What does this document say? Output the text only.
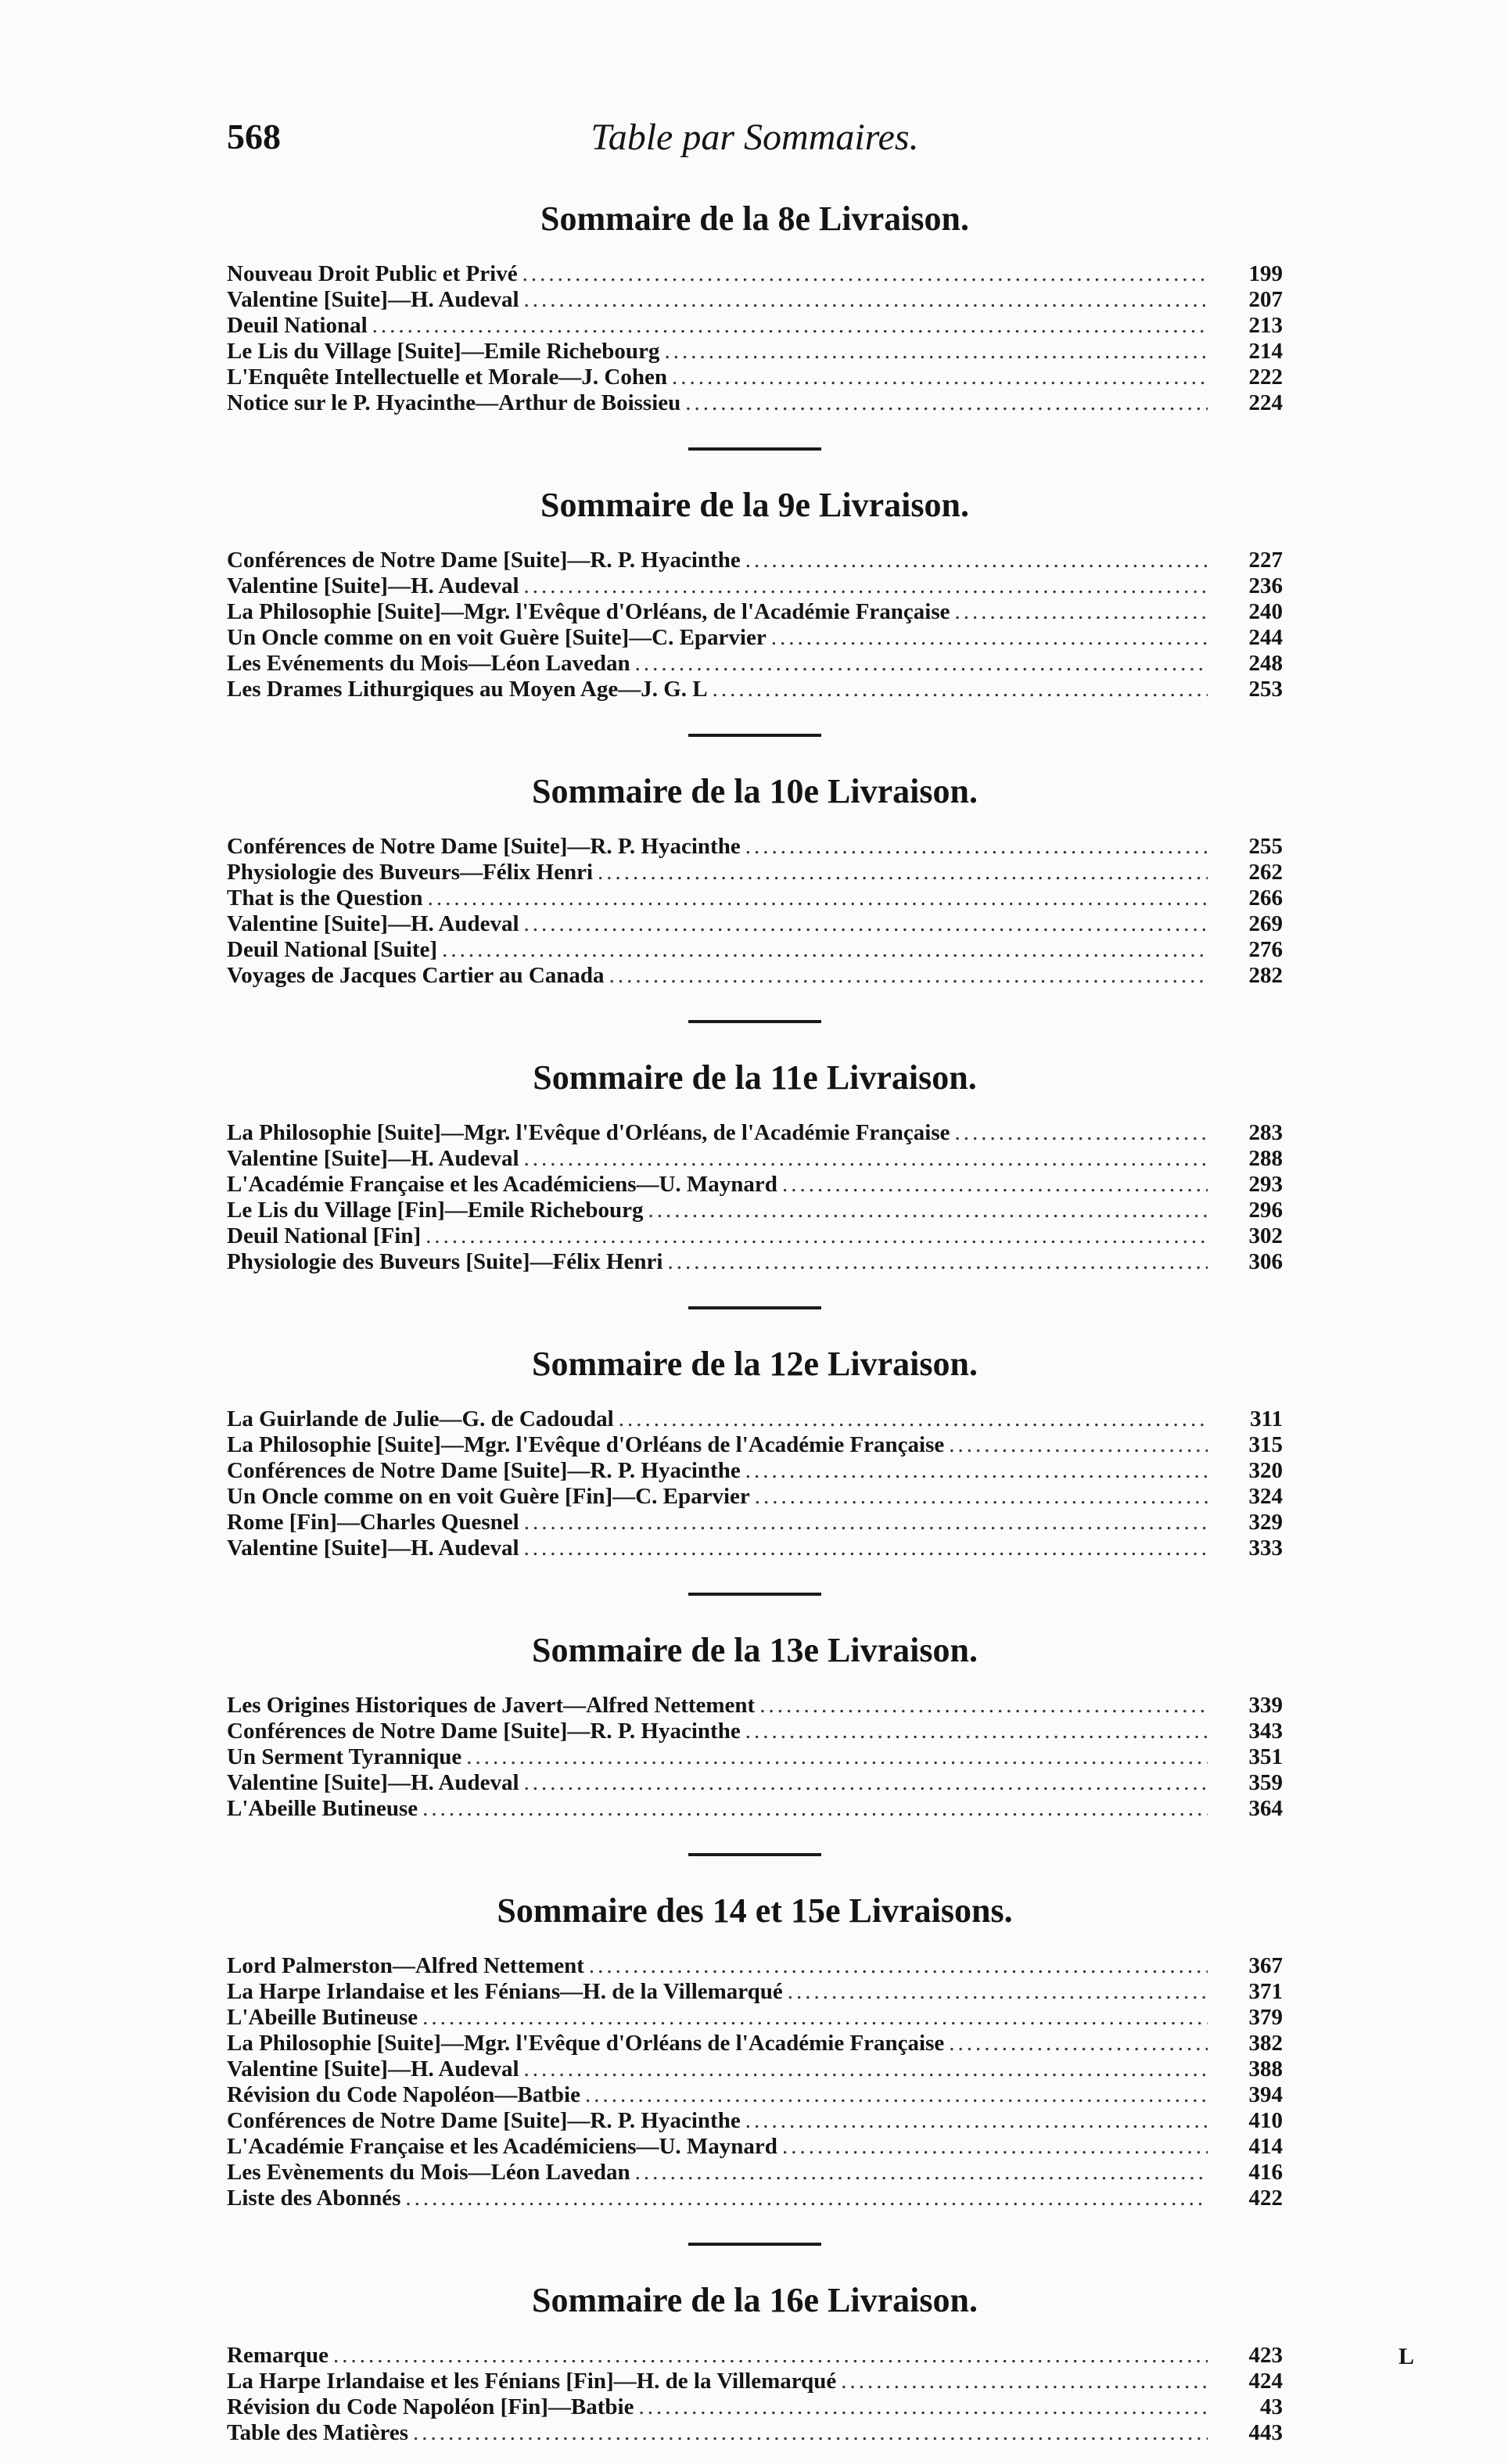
568	Table par Sommaires.
Sommaire de la 8e Livraison.
Nouveau Droit Public et Privé .....	199
Valentine [Suite]—H. Audeval .....	207
Deuil National .....	213
Le Lis du Village [Suite]—Emile Richebourg .....	214
L'Enquête Intellectuelle et Morale—J. Cohen .....	222
Notice sur le P. Hyacinthe—Arthur de Boissieu .....	224
Sommaire de la 9e Livraison.
Conférences de Notre Dame [Suite]—R. P. Hyacinthe .....	227
Valentine [Suite]—H. Audeval .....	236
La Philosophie [Suite]—Mgr. l'Evêque d'Orléans, de l'Académie Française .....	240
Un Oncle comme on en voit Guère [Suite]—C. Eparvier .....	244
Les Evénements du Mois—Léon Lavedan .....	248
Les Drames Lithurgiques au Moyen Age—J. G. L .....	253
Sommaire de la 10e Livraison.
Conférences de Notre Dame [Suite]—R. P. Hyacinthe .....	255
Physiologie des Buveurs—Félix Henri .....	262
That is the Question .....	266
Valentine [Suite]—H. Audeval .....	269
Deuil National [Suite] .....	276
Voyages de Jacques Cartier au Canada .....	282
Sommaire de la 11e Livraison.
La Philosophie [Suite]—Mgr. l'Evêque d'Orléans, de l'Académie Française .....	283
Valentine [Suite]—H. Audeval .....	288
L'Académie Française et les Académiciens—U. Maynard .....	293
Le Lis du Village [Fin]—Emile Richebourg .....	296
Deuil National [Fin] .....	302
Physiologie des Buveurs [Suite]—Félix Henri .....	306
Sommaire de la 12e Livraison.
La Guirlande de Julie—G. de Cadoudal .....	311
La Philosophie [Suite]—Mgr. l'Evêque d'Orléans de l'Académie Française .....	315
Conférences de Notre Dame [Suite]—R. P. Hyacinthe .....	320
Un Oncle comme on en voit Guère [Fin]—C. Eparvier .....	324
Rome [Fin]—Charles Quesnel .....	329
Valentine [Suite]—H. Audeval .....	333
Sommaire de la 13e Livraison.
Les Origines Historiques de Javert—Alfred Nettement .....	339
Conférences de Notre Dame [Suite]—R. P. Hyacinthe .....	343
Un Serment Tyrannique .....	351
Valentine [Suite]—H. Audeval .....	359
L'Abeille Butineuse .....	364
Sommaire des 14 et 15e Livraisons.
Lord Palmerston—Alfred Nettement .....	367
La Harpe Irlandaise et les Fénians—H. de la Villemarqué .....	371
L'Abeille Butineuse .....	379
La Philosophie [Suite]—Mgr. l'Evêque d'Orléans de l'Académie Française .....	382
Valentine [Suite]—H. Audeval .....	388
Révision du Code Napoléon—Batbie .....	394
Conférences de Notre Dame [Suite]—R. P. Hyacinthe .....	410
L'Académie Française et les Académiciens—U. Maynard .....	414
Les Evènements du Mois—Léon Lavedan .....	416
Liste des Abonnés .....	422
Sommaire de la 16e Livraison.
Remarque .....	423
La Harpe Irlandaise et les Fénians [Fin]—H. de la Villemarqué .....	424
Révision du Code Napoléon [Fin]—Batbie .....	43
Table des Matières .....	443
L
